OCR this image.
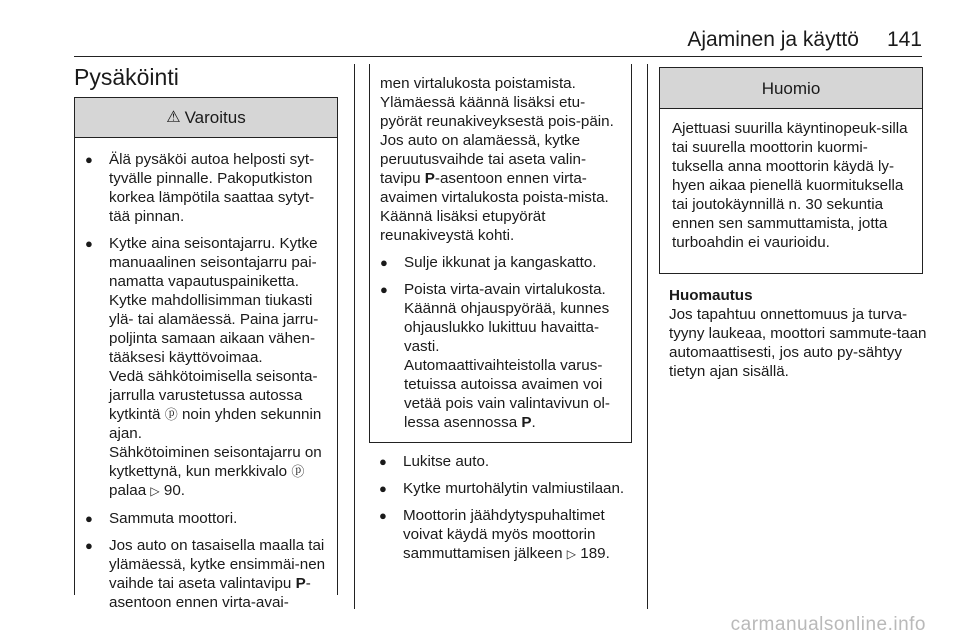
Ajaminen ja käyttö 141
Pysäköinti
⚠ Varoitus
●	Älä pysäköi autoa helposti syt-tyvälle pinnalle. Pakoputkiston korkea lämpötila saattaa sytyt-tää pinnan.

●	Kytke aina seisontajarru. Kytke manuaalinen seisontajarru pai-namatta vapautuspainiketta. Kytke mahdollisimman tiukasti ylä- tai alamäessä. Paina jarru-poljinta samaan aikaan vähen-tääksesi käyttövoimaa.

Vedä sähkötoimisella seisonta-jarrulla varustetussa autossa kytkintä ⓟ noin yhden sekunnin ajan.

Sähkötoiminen seisontajarru on kytkettynä, kun merkkivalo ⓟ palaa ▷ 90.

●	Sammuta moottori.

●	Jos auto on tasaisella maalla tai ylämäessä, kytke ensimmäi-nen vaihde tai aseta valintavipu P-asentoon ennen virta-avai-

men virtalukosta poistamista. Ylämäessä käännä lisäksi etu-pyörät reunakiveyksestä pois-päin.

Jos auto on alamäessä, kytke peruutusvaihde tai aseta valin-tavipu P-asentoon ennen virta-avaimen virtalukosta poista-mista. Käännä lisäksi etupyörät reunakiveystä kohti.

●	Sulje ikkunat ja kangaskatto.

●	Poista virta-avain virtalukosta. Käännä ohjauspyörää, kunnes ohjauslukko lukittuu havaitta-vasti.

Automaattivaihteistolla varus-tetuissa autoissa avaimen voi vetää pois vain valintavivun ol-lessa asennossa P.

●	Lukitse auto.

●	Kytke murtohälytin valmiustilaan.

●	Moottorin jäähdytyspuhaltimet voivat käydä myös moottorin sammuttamisen jälkeen ▷ 189.

Huomio

Ajettuasi suurilla käyntinopeuk-silla tai suurella moottorin kuormi-tuksella anna moottorin käydä ly-hyen aikaa pienellä kuormituksella tai joutokäynnillä n. 30 sekuntia ennen sen sammuttamista, jotta turboahdin ei vaurioidu.

Huomautus

Jos tapahtuu onnettomuus ja turva-tyyny laukeaa, moottori sammute-taan automaattisesti, jos auto py-sähtyy tietyn ajan sisällä.

carmanualsonline.info
